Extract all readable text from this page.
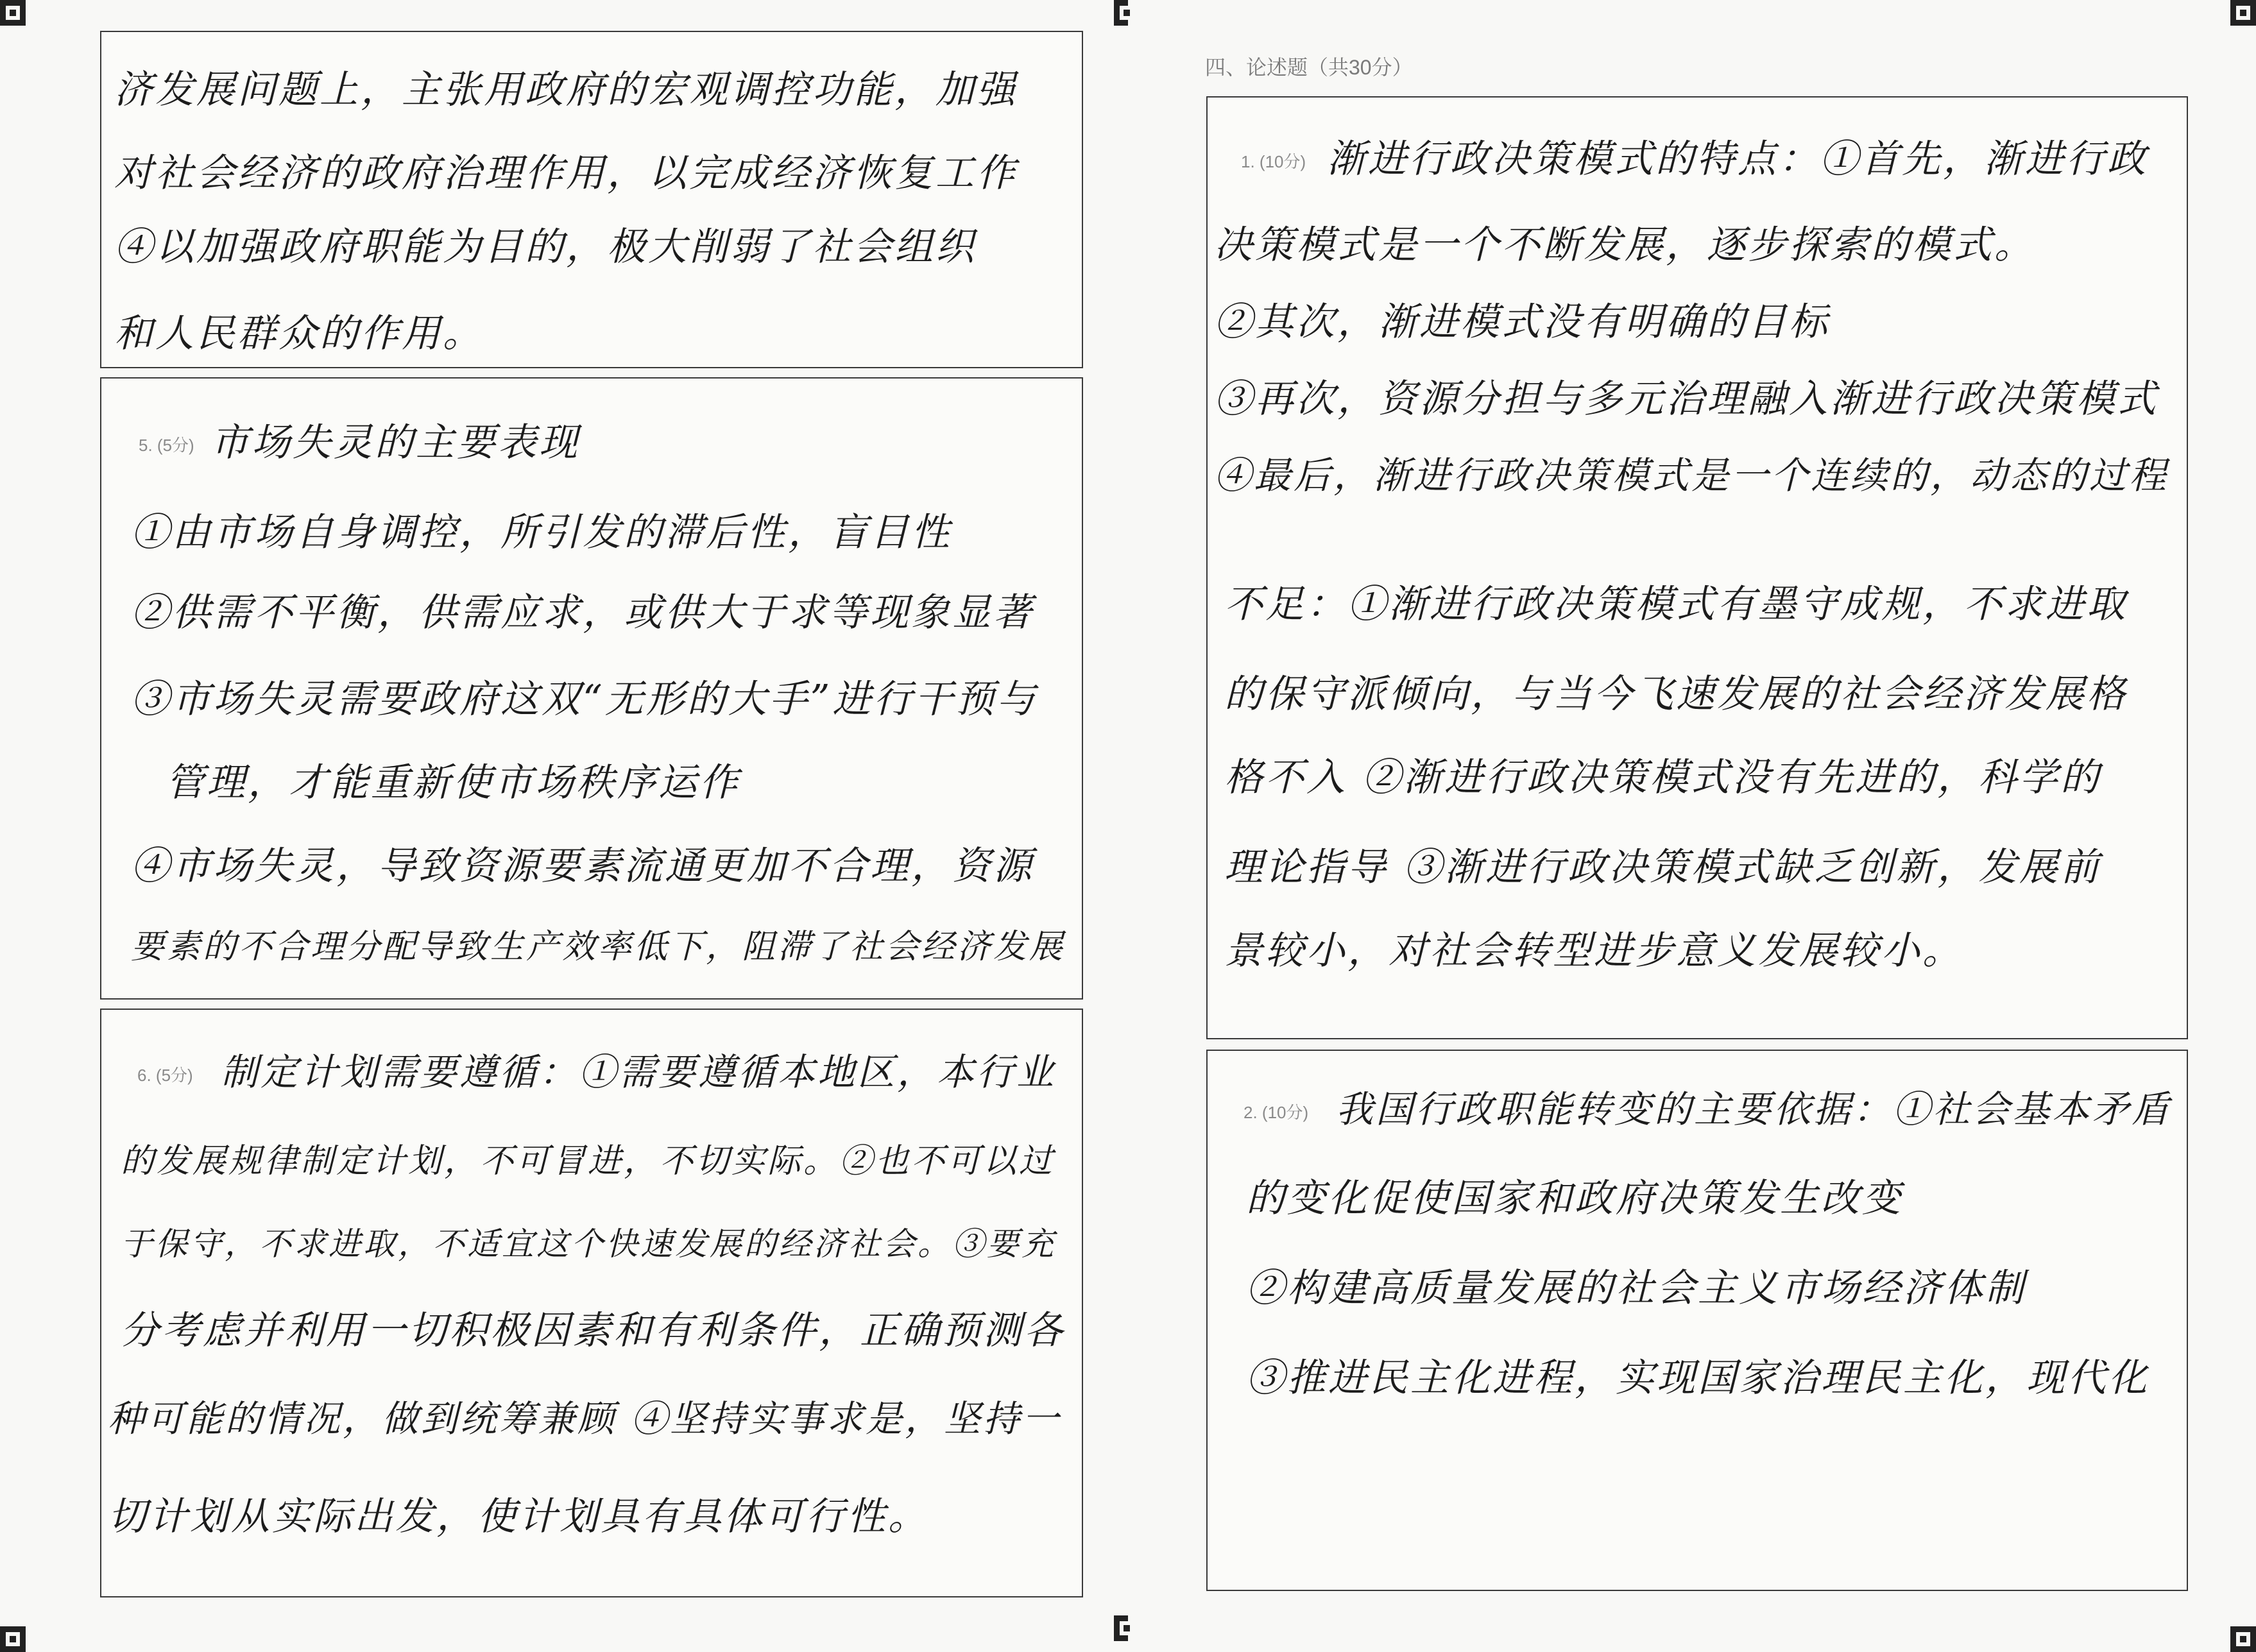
济发展问题上，主张用政府的宏观调控功能，加强
对社会经济的政府治理作用，以完成经济恢复工作
④以加强政府职能为目的，极大削弱了社会组织
和人民群众的作用。
5. (5分) 市场失灵的主要表现
①由市场自身调控，所引发的滞后性，盲目性
②供需不平衡，供需应求，或供大于求等现象显著
③市场失灵需要政府这双“无形的大手”进行干预与
管理，才能重新使市场秩序运作
④市场失灵，导致资源要素流通更加不合理，资源
要素的不合理分配导致生产效率低下，阻滞了社会经济发展
6. (5分) 制定计划需要遵循：①需要遵循本地区，本行业
的发展规律制定计划，不可冒进，不切实际。②也不可以过
于保守，不求进取，不适宜这个快速发展的经济社会。③要充
分考虑并利用一切积极因素和有利条件，正确预测各
种可能的情况，做到统筹兼顾 ④坚持实事求是，坚持一
切计划从实际出发，使计划具有具体可行性。
四、论述题（共30分）
1. (10分) 渐进行政决策模式的特点：①首先，渐进行政
决策模式是一个不断发展，逐步探索的模式。
②其次，渐进模式没有明确的目标
③再次，资源分担与多元治理融入渐进行政决策模式
④最后，渐进行政决策模式是一个连续的，动态的过程
不足：①渐进行政决策模式有墨守成规，不求进取
的保守派倾向，与当今飞速发展的社会经济发展格
格不入 ②渐进行政决策模式没有先进的，科学的
理论指导 ③渐进行政决策模式缺乏创新，发展前
景较小，对社会转型进步意义发展较小。
2. (10分) 我国行政职能转变的主要依据：①社会基本矛盾
的变化促使国家和政府决策发生改变
②构建高质量发展的社会主义市场经济体制
③推进民主化进程，实现国家治理民主化，现代化
